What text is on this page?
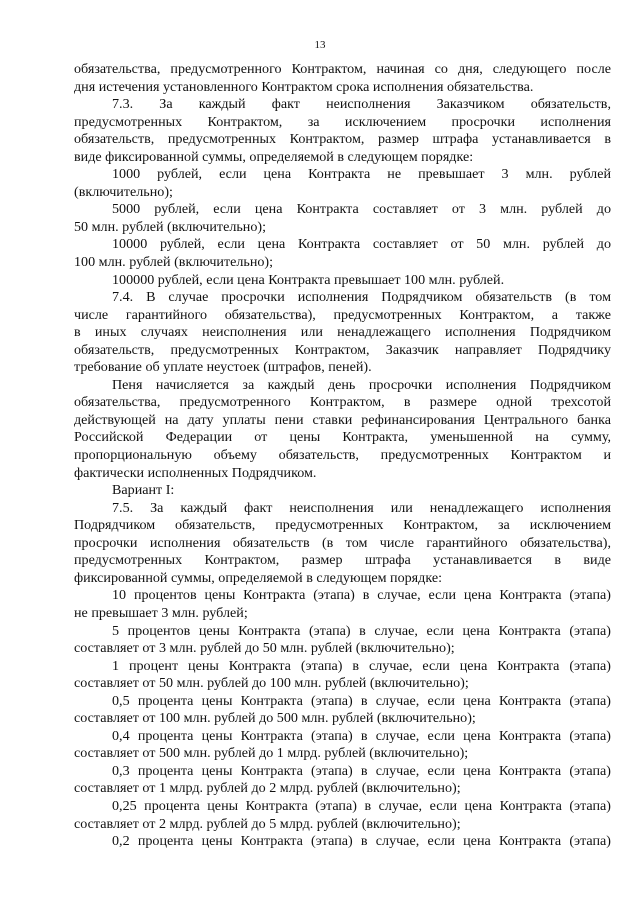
13

обязательства, предусмотренного Контрактом, начиная со дня, следующего после

дня истечения установленного Контрактом срока исполнения обязательства.

7.3. За каждый факт неисполнения Заказчиком обязательств,

предусмотренных Контрактом, за исключением просрочки исполнения

обязательств, предусмотренных Контрактом, размер штрафа устанавливается в

виде фиксированной суммы, определяемой в следующем порядке:

1000 рублей, если цена Контракта не превышает 3 млн. рублей

(включительно);

5000 рублей, если цена Контракта составляет от 3 млн. рублей до

50 млн. рублей (включительно);

10000 рублей, если цена Контракта составляет от 50 млн. рублей до

100 млн. рублей (включительно);

100000 рублей, если цена Контракта превышает 100 млн. рублей.

7.4. В случае просрочки исполнения Подрядчиком обязательств (в том

числе гарантийного обязательства), предусмотренных Контрактом, а также

в иных случаях неисполнения или ненадлежащего исполнения Подрядчиком

обязательств, предусмотренных Контрактом, Заказчик направляет Подрядчику

требование об уплате неустоек (штрафов, пеней).

Пеня начисляется за каждый день просрочки исполнения Подрядчиком

обязательства, предусмотренного Контрактом, в размере одной трехсотой

действующей на дату уплаты пени ставки рефинансирования Центрального банка

Российской Федерации от цены Контракта, уменьшенной на сумму,

пропорциональную объему обязательств, предусмотренных Контрактом и

фактически исполненных Подрядчиком.

Вариант I:

7.5. За каждый факт неисполнения или ненадлежащего исполнения

Подрядчиком обязательств, предусмотренных Контрактом, за исключением

просрочки исполнения обязательств (в том числе гарантийного обязательства),

предусмотренных Контрактом, размер штрафа устанавливается в виде

фиксированной суммы, определяемой в следующем порядке:

10 процентов цены Контракта (этапа) в случае, если цена Контракта (этапа)

не превышает 3 млн. рублей;

5 процентов цены Контракта (этапа) в случае, если цена Контракта (этапа)

составляет от 3 млн. рублей до 50 млн. рублей (включительно);

1 процент цены Контракта (этапа) в случае, если цена Контракта (этапа)

составляет от 50 млн. рублей до 100 млн. рублей (включительно);

0,5 процента цены Контракта (этапа) в случае, если цена Контракта (этапа)

составляет от 100 млн. рублей до 500 млн. рублей (включительно);

0,4 процента цены Контракта (этапа) в случае, если цена Контракта (этапа)

составляет от 500 млн. рублей до 1 млрд. рублей (включительно);

0,3 процента цены Контракта (этапа) в случае, если цена Контракта (этапа)

составляет от 1 млрд. рублей до 2 млрд. рублей (включительно);

0,25 процента цены Контракта (этапа) в случае, если цена Контракта (этапа)

составляет от 2 млрд. рублей до 5 млрд. рублей (включительно);

0,2 процента цены Контракта (этапа) в случае, если цена Контракта (этапа)
